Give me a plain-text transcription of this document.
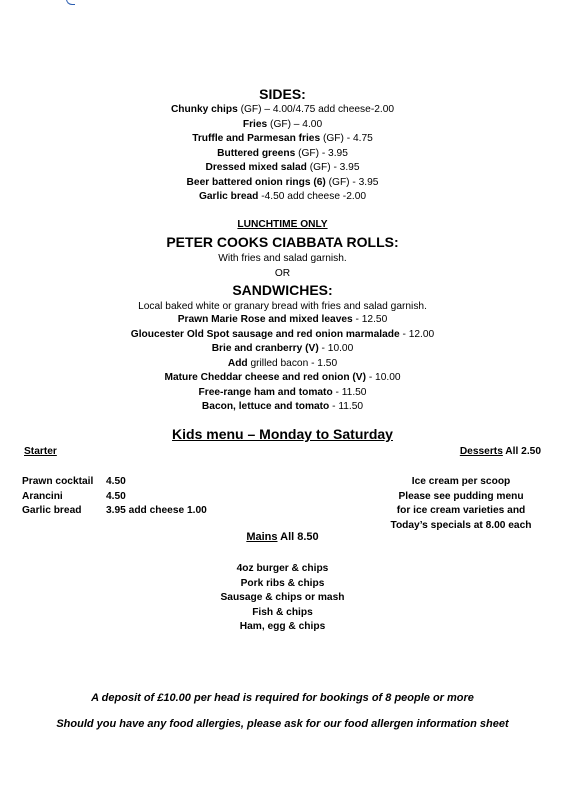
SIDES:
Chunky chips (GF) – 4.00/4.75 add cheese-2.00
Fries (GF) – 4.00
Truffle and Parmesan fries (GF) - 4.75
Buttered greens (GF) - 3.95
Dressed mixed salad (GF) - 3.95
Beer battered onion rings (6) (GF) - 3.95
Garlic bread -4.50 add cheese -2.00
LUNCHTIME ONLY
PETER COOKS CIABBATA ROLLS:
With fries and salad garnish.
OR
SANDWICHES:
Local baked white or granary bread with fries and salad garnish.
Prawn Marie Rose and mixed leaves - 12.50
Gloucester Old Spot sausage and red onion marmalade - 12.00
Brie and cranberry (V) - 10.00
Add grilled bacon - 1.50
Mature Cheddar cheese and red onion (V) - 10.00
Free-range ham and tomato - 11.50
Bacon, lettuce and tomato - 11.50
Kids menu – Monday to Saturday
Starter
Prawn cocktail
Arancini
Garlic bread
4.50
4.50
3.95 add cheese 1.00
Desserts All 2.50
Ice cream per scoop
Please see pudding menu
for ice cream varieties and
Today’s specials at 8.00 each
Mains All 8.50
4oz burger & chips
Pork ribs & chips
Sausage & chips or mash
Fish & chips
Ham, egg & chips
A deposit of £10.00 per head is required for bookings of 8 people or more
Should you have any food allergies, please ask for our food allergen information sheet
